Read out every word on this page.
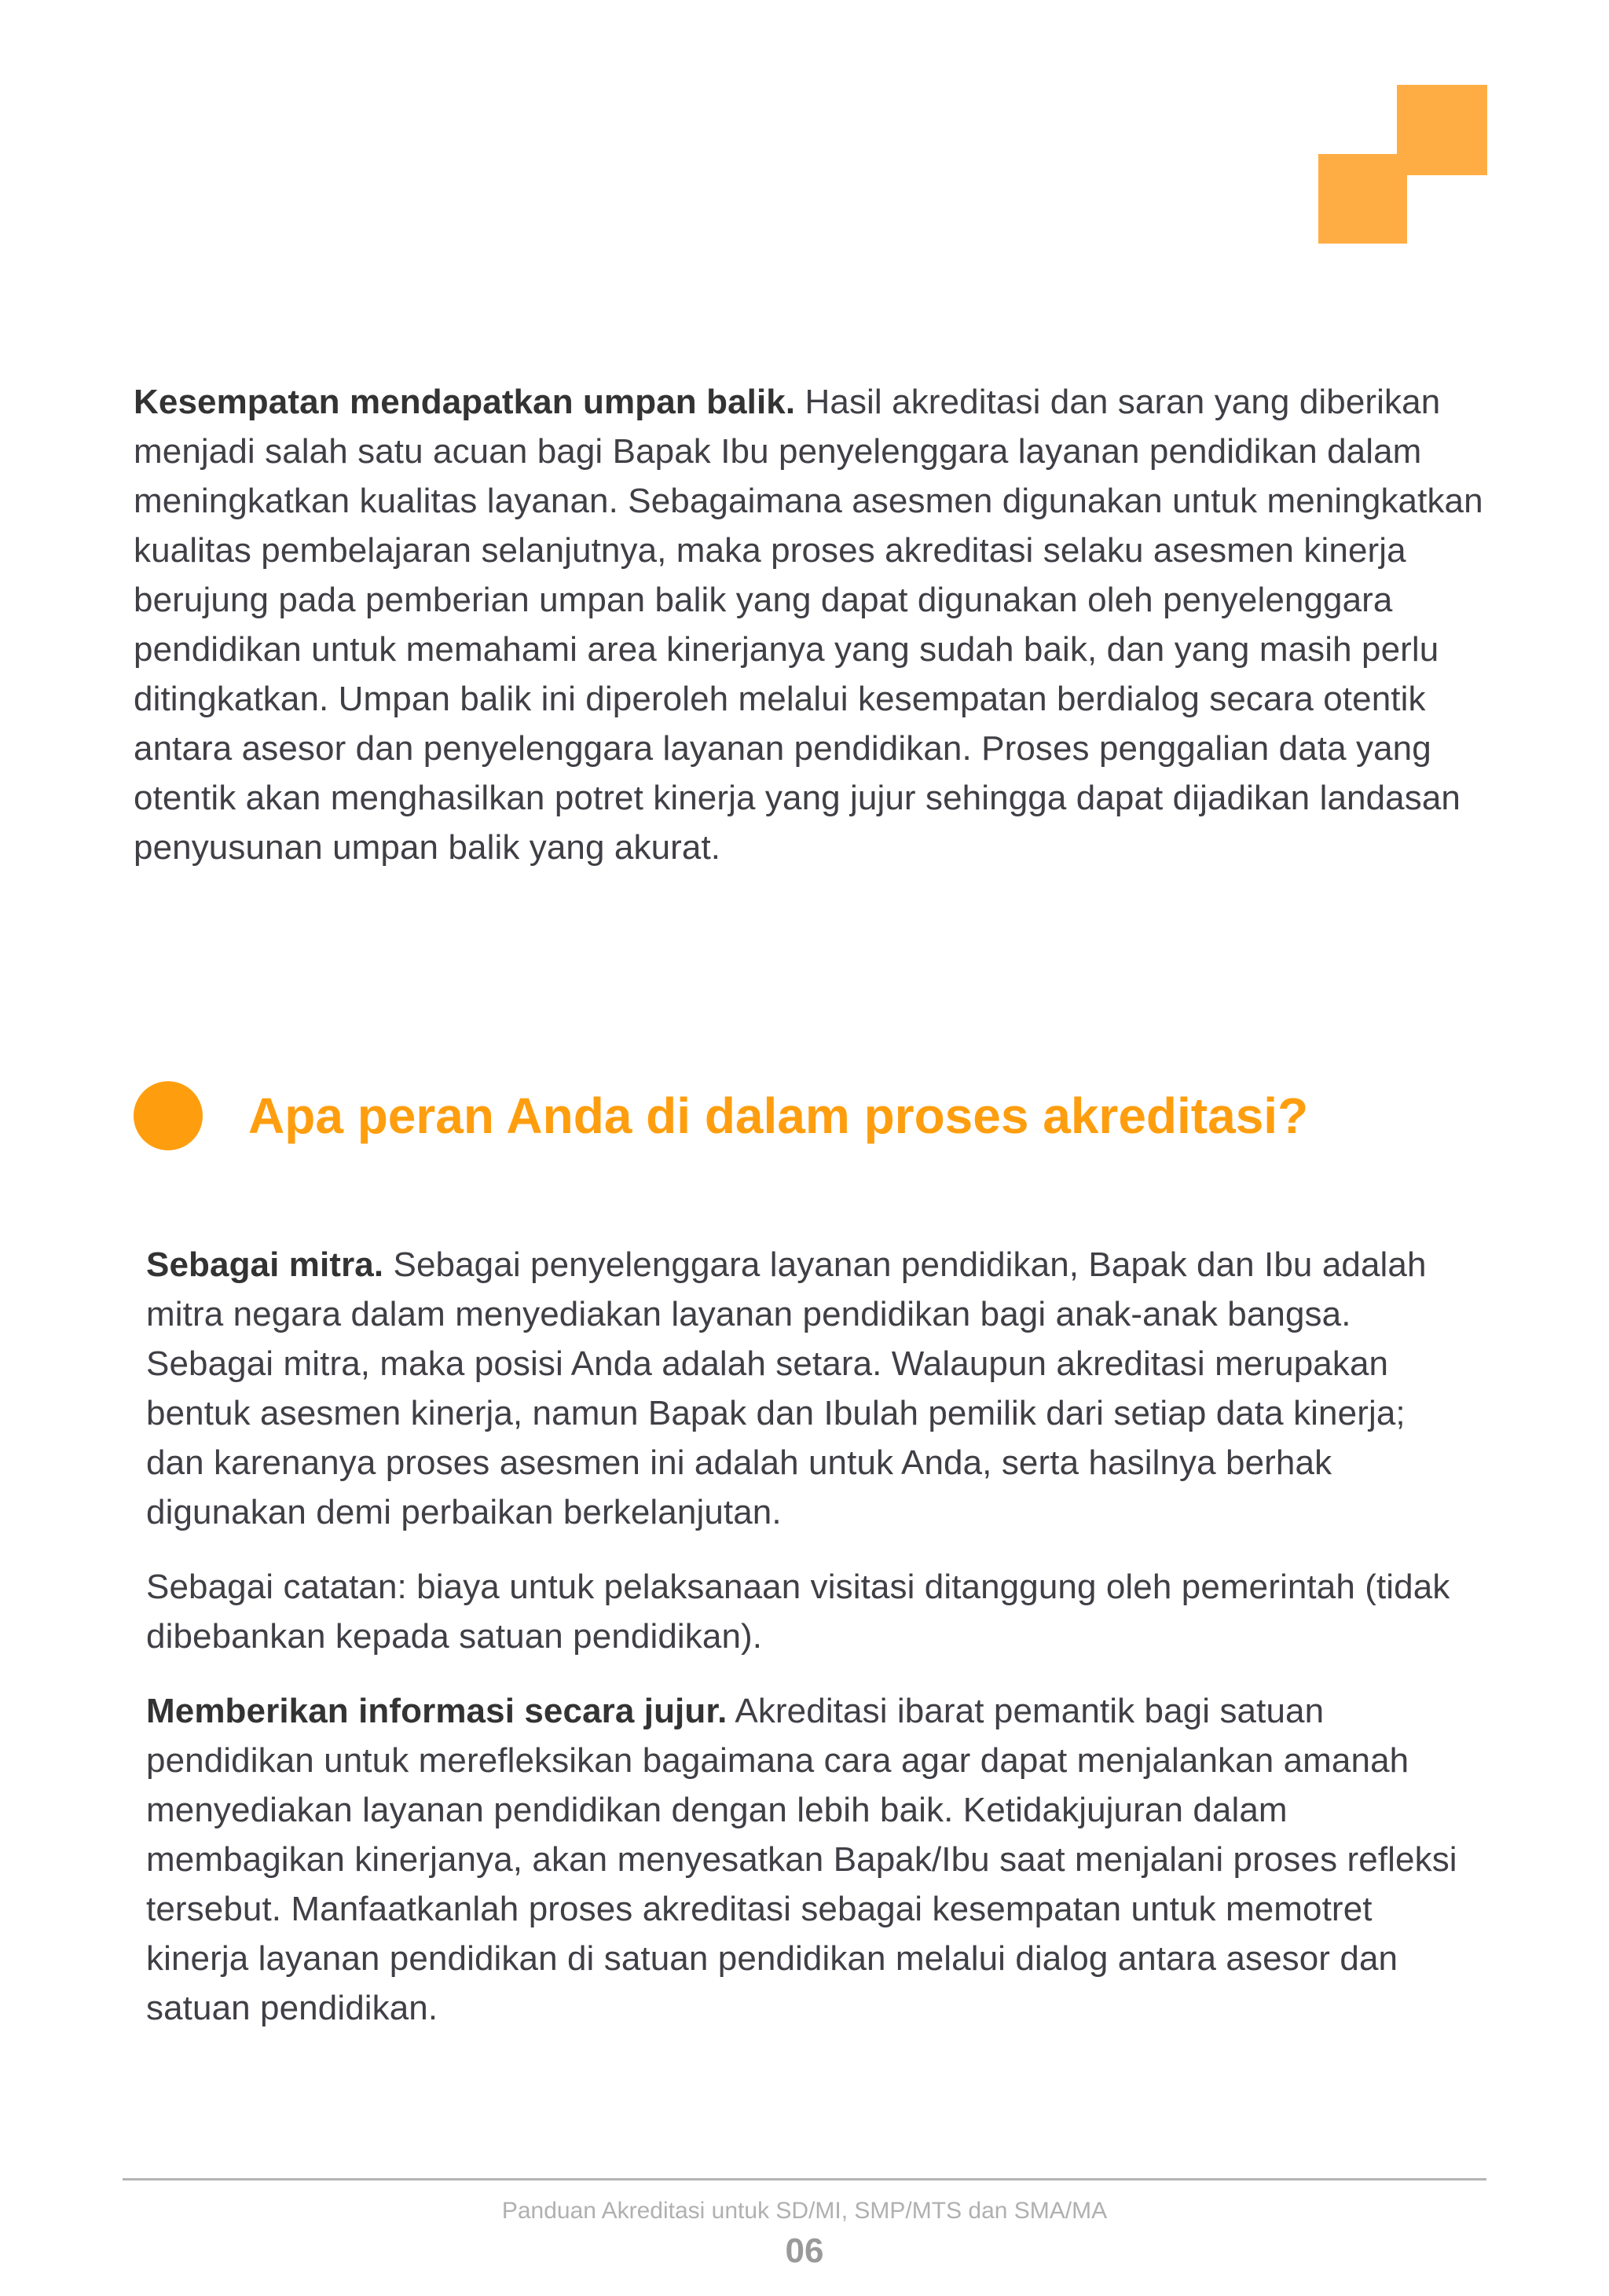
Kesempatan mendapatkan umpan balik. Hasil akreditasi dan saran yang diberikan menjadi salah satu acuan bagi Bapak Ibu penyelenggara layanan pendidikan dalam meningkatkan kualitas layanan. Sebagaimana asesmen digunakan untuk meningkatkan kualitas pembelajaran selanjutnya, maka proses akreditasi selaku asesmen kinerja berujung pada pemberian umpan balik yang dapat digunakan oleh penyelenggara pendidikan untuk memahami area kinerjanya yang sudah baik, dan yang masih perlu ditingkatkan. Umpan balik ini diperoleh melalui kesempatan berdialog secara otentik antara asesor dan penyelenggara layanan pendidikan. Proses penggalian data yang otentik akan menghasilkan potret kinerja yang jujur sehingga dapat dijadikan landasan penyusunan umpan balik yang akurat.

Apa peran Anda di dalam proses akreditasi?

Sebagai mitra. Sebagai penyelenggara layanan pendidikan, Bapak dan Ibu adalah mitra negara dalam menyediakan layanan pendidikan bagi anak-anak bangsa. Sebagai mitra, maka posisi Anda adalah setara. Walaupun akreditasi merupakan bentuk asesmen kinerja, namun Bapak dan Ibulah pemilik dari setiap data kinerja; dan karenanya proses asesmen ini adalah untuk Anda, serta hasilnya berhak digunakan demi perbaikan berkelanjutan.

Sebagai catatan: biaya untuk pelaksanaan visitasi ditanggung oleh pemerintah (tidak dibebankan kepada satuan pendidikan).

Memberikan informasi secara jujur. Akreditasi ibarat pemantik bagi satuan pendidikan untuk merefleksikan bagaimana cara agar dapat menjalankan amanah menyediakan layanan pendidikan dengan lebih baik. Ketidakjujuran dalam membagikan kinerjanya, akan menyesatkan Bapak/Ibu saat menjalani proses refleksi tersebut. Manfaatkanlah proses akreditasi sebagai kesempatan untuk memotret kinerja layanan pendidikan di satuan pendidikan melalui dialog antara asesor dan satuan pendidikan.

Panduan Akreditasi untuk SD/MI, SMP/MTS dan SMA/MA
06
